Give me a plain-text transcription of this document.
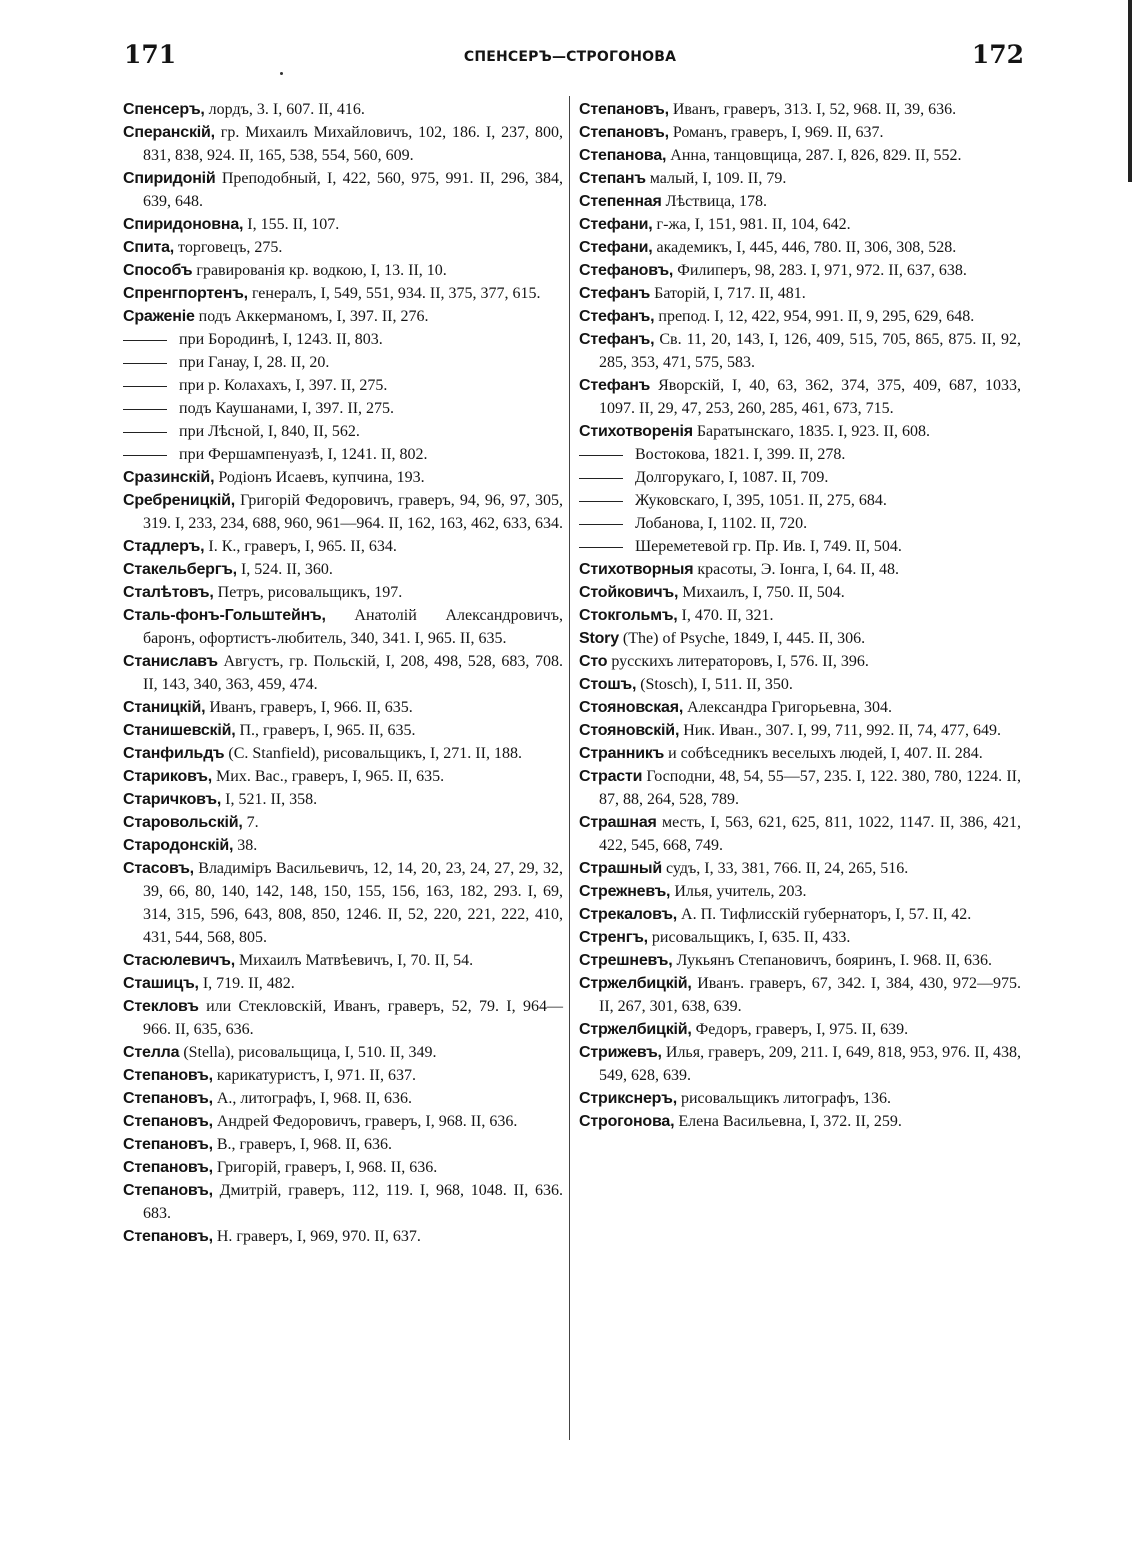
171	СПЕНСЕРЪ—СТРОГОНОВА	172
Спенсеръ, лордъ, 3. I, 607. II, 416.
Сперанскій, гр. Михаилъ Михайловичъ, 102, 186. I, 237, 800, 831, 838, 924. II, 165, 538, 554, 560, 609.
Спиридоній Преподобный, I, 422, 560, 975, 991. II, 296, 384, 639, 648.
Спиридоновна, I, 155. II, 107.
Спита, торговецъ, 275.
Способъ гравированія кр. водкою, I, 13. II, 10.
Спренгпортенъ, генералъ, I, 549, 551, 934. II, 375, 377, 615.
Сраженіе подъ Аккерманомъ, I, 397. II, 276.
при Бородинѣ, I, 1243. II, 803.
при Ганау, I, 28. II, 20.
при р. Колахахъ, I, 397. II, 275.
подъ Каушанами, I, 397. II, 275.
при Лѣсной, I, 840, II, 562.
при Фершампенуазѣ, I, 1241. II, 802.
Сразинскій, Родіонъ Исаевъ, купчина, 193.
Сребреницкій, Григорій Федоровичъ, граверъ, 94, 96, 97, 305, 319. I, 233, 234, 688, 960, 961—964. II, 162, 163, 462, 633, 634.
Стадлеръ, I. К., граверъ, I, 965. II, 634.
Стакельбергъ, I, 524. II, 360.
Сталѣтовъ, Петръ, рисовальщикъ, 197.
Сталь-фонъ-Гольштейнъ, Анатолій Александровичъ, баронъ, офортистъ-любитель, 340, 341. I, 965. II, 635.
Станиславъ Августъ, гр. Польскій, I, 208, 498, 528, 683, 708. II, 143, 340, 363, 459, 474.
Станицкій, Иванъ, граверъ, I, 966. II, 635.
Станишевскій, П., граверъ, I, 965. II, 635.
Станфильдъ (C. Stanfield), рисовальщикъ, I, 271. II, 188.
Стариковъ, Мих. Вас., граверъ, I, 965. II, 635.
Старичковъ, I, 521. II, 358.
Старовольскій, 7.
Стародонскій, 38.
Стасовъ, Владиміръ Васильевичъ, 12, 14, 20, 23, 24, 27, 29, 32, 39, 66, 80, 140, 142, 148, 150, 155, 156, 163, 182, 293. I, 69, 314, 315, 596, 643, 808, 850, 1246. II, 52, 220, 221, 222, 410, 431, 544, 568, 805.
Стасюлевичъ, Михаилъ Матвѣевичъ, I, 70. II, 54.
Сташицъ, I, 719. II, 482.
Стекловъ или Стекловскій, Иванъ, граверъ, 52, 79. I, 964—966. II, 635, 636.
Стелла (Stella), рисовальщица, I, 510. II, 349.
Степановъ, карикатуристъ, I, 971. II, 637.
Степановъ, А., литографъ, I, 968. II, 636.
Степановъ, Андрей Федоровичъ, граверъ, I, 968. II, 636.
Степановъ, В., граверъ, I, 968. II, 636.
Степановъ, Григорій, граверъ, I, 968. II, 636.
Степановъ, Дмитрій, граверъ, 112, 119. I, 968, 1048. II, 636. 683.
Степановъ, Н. граверъ, I, 969, 970. II, 637.
Степановъ, Иванъ, граверъ, 313. I, 52, 968. II, 39, 636.
Степановъ, Романъ, граверъ, I, 969. II, 637.
Степанова, Анна, танцовщица, 287. I, 826, 829. II, 552.
Степанъ малый, I, 109. II, 79.
Степенная Лѣствица, 178.
Стефани, г-жа, I, 151, 981. II, 104, 642.
Стефани, академикъ, I, 445, 446, 780. II, 306, 308, 528.
Стефановъ, Филиперъ, 98, 283. I, 971, 972. II, 637, 638.
Стефанъ Баторій, I, 717. II, 481.
Стефанъ, препод. I, 12, 422, 954, 991. II, 9, 295, 629, 648.
Стефанъ, Св. 11, 20, 143, I, 126, 409, 515, 705, 865, 875. II, 92, 285, 353, 471, 575, 583.
Стефанъ Яворскій, I, 40, 63, 362, 374, 375, 409, 687, 1033, 1097. II, 29, 47, 253, 260, 285, 461, 673, 715.
Стихотворенія Баратынскаго, 1835. I, 923. II, 608.
Востокова, 1821. I, 399. II, 278.
Долгорукаго, I, 1087. II, 709.
Жуковскаго, I, 395, 1051. II, 275, 684.
Лобанова, I, 1102. II, 720.
Шереметевой гр. Пр. Ив. I, 749. II, 504.
Стихотворныя красоты, Э. Іонга, I, 64. II, 48.
Стойковичъ, Михаилъ, I, 750. II, 504.
Стокгольмъ, I, 470. II, 321.
Story (The) of Psyche, 1849, I, 445. II, 306.
Сто русскихъ литераторовъ, I, 576. II, 396.
Стошъ, (Stosch), I, 511. II, 350.
Стояновская, Александра Григорьевна, 304.
Стояновскій, Ник. Иван., 307. I, 99, 711, 992. II, 74, 477, 649.
Странникъ и собѣседникъ веселыхъ людей, I, 407. II. 284.
Страсти Господни, 48, 54, 55—57, 235. I, 122. 380, 780, 1224. II, 87, 88, 264, 528, 789.
Страшная месть, I, 563, 621, 625, 811, 1022, 1147. II, 386, 421, 422, 545, 668, 749.
Страшный судъ, I, 33, 381, 766. II, 24, 265, 516.
Стрежневъ, Илья, учитель, 203.
Стрекаловъ, А. П. Тифлисскій губернаторъ, I, 57. II, 42.
Стренгъ, рисовальщикъ, I, 635. II, 433.
Стрешневъ, Лукьянъ Степановичъ, бояринъ, I. 968. II, 636.
Стржелбицкій, Иванъ. граверъ, 67, 342. I, 384, 430, 972—975. II, 267, 301, 638, 639.
Стржелбицкій, Федоръ, граверъ, I, 975. II, 639.
Стрижевъ, Илья, граверъ, 209, 211. I, 649, 818, 953, 976. II, 438, 549, 628, 639.
Стрикснеръ, рисовальщикъ литографъ, 136.
Строгонова, Елена Васильевна, I, 372. II, 259.
